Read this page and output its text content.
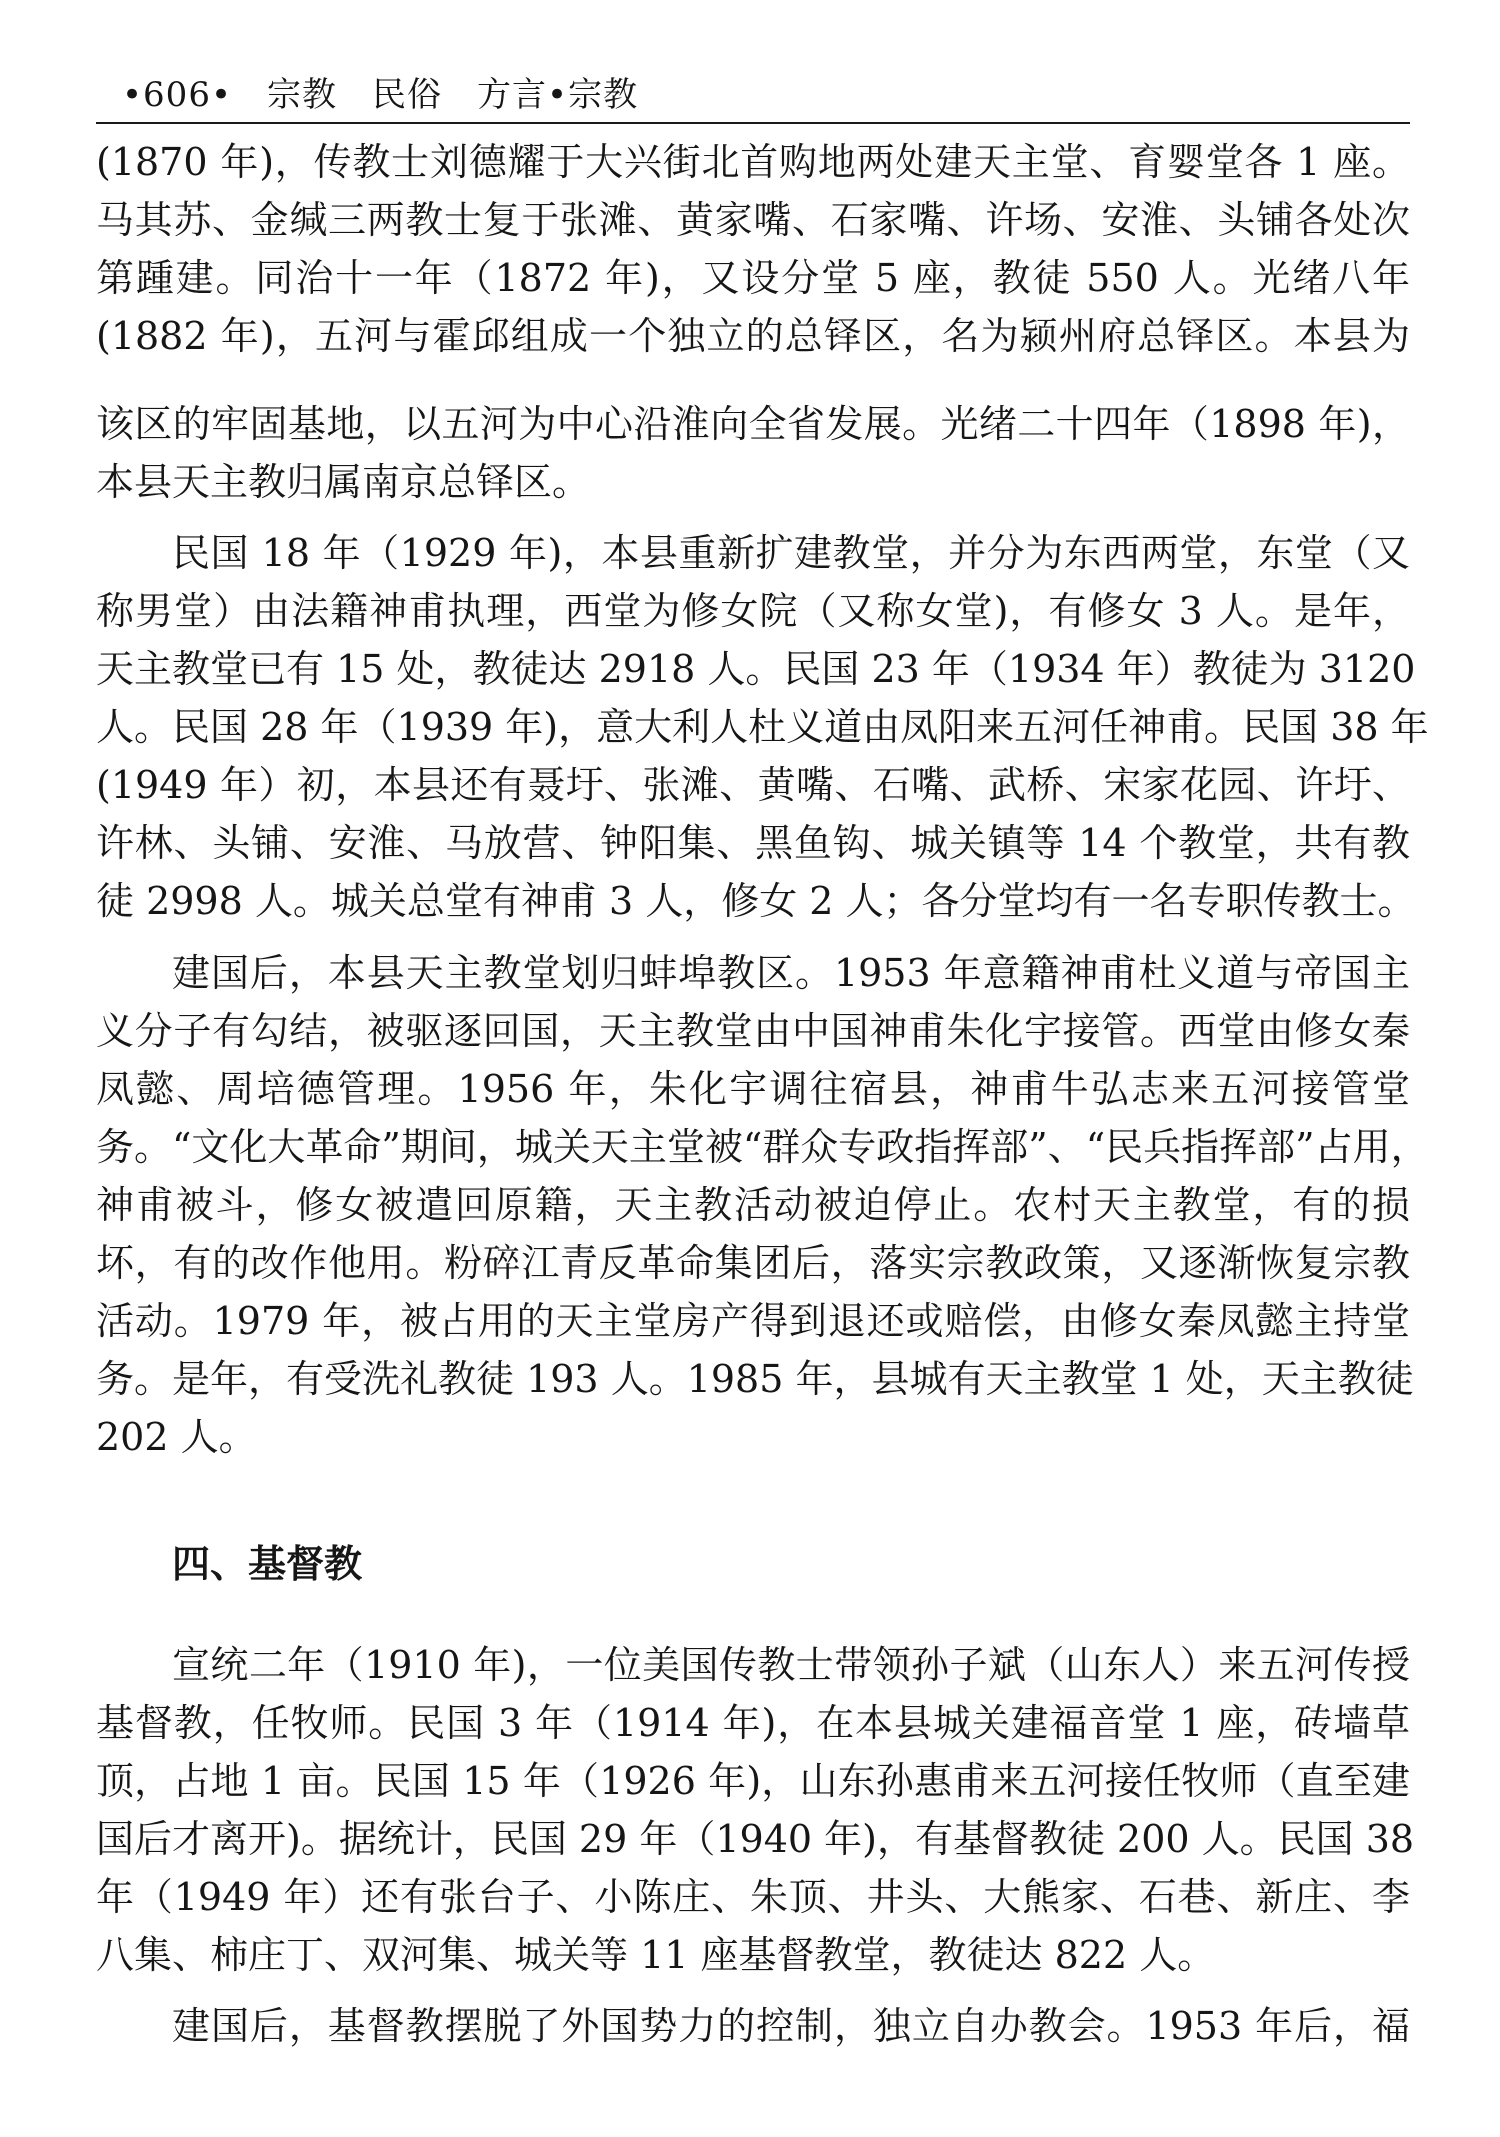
•606•　 宗教　民俗　方言•宗教
(1870 年)，传教士刘德耀于大兴街北首购地两处建天主堂、育婴堂各 1 座。
马其苏、金缄三两教士复于张滩、黄家嘴、石家嘴、许场、安淮、头铺各处次
第踵建。同治十一年（1872 年)，又设分堂 5 座，教徒 550 人。光绪八年
(1882 年)，五河与霍邱组成一个独立的总铎区，名为颍州府总铎区。本县为
该区的牢固基地，以五河为中心沿淮向全省发展。光绪二十四年（1898 年)，
本县天主教归属南京总铎区。
民国 18 年（1929 年)，本县重新扩建教堂，并分为东西两堂，东堂（又
称男堂）由法籍神甫执理，西堂为修女院（又称女堂)，有修女 3 人。是年，
天主教堂已有 15 处，教徒达 2918 人。民国 23 年（1934 年）教徒为 3120
人。民国 28 年（1939 年)，意大利人杜义道由凤阳来五河任神甫。民国 38 年
(1949 年）初，本县还有聂圩、张滩、黄嘴、石嘴、武桥、宋家花园、许圩、
许林、头铺、安淮、马放营、钟阳集、黑鱼钩、城关镇等 14 个教堂，共有教
徒 2998 人。城关总堂有神甫 3 人，修女 2 人；各分堂均有一名专职传教士。
建国后，本县天主教堂划归蚌埠教区。1953 年意籍神甫杜义道与帝国主
义分子有勾结，被驱逐回国，天主教堂由中国神甫朱化宇接管。西堂由修女秦
凤懿、周培德管理。1956 年，朱化宇调往宿县，神甫牛弘志来五河接管堂
务。“文化大革命”期间，城关天主堂被“群众专政指挥部”、“民兵指挥部”占用，
神甫被斗，修女被遣回原籍，天主教活动被迫停止。农村天主教堂，有的损
坏，有的改作他用。粉碎江青反革命集团后，落实宗教政策，又逐渐恢复宗教
活动。1979 年，被占用的天主堂房产得到退还或赔偿，由修女秦凤懿主持堂
务。是年，有受洗礼教徒 193 人。1985 年，县城有天主教堂 1 处，天主教徒
202 人。
四、基督教
宣统二年（1910 年)，一位美国传教士带领孙子斌（山东人）来五河传授
基督教，任牧师。民国 3 年（1914 年)，在本县城关建福音堂 1 座，砖墙草
顶，占地 1 亩。民国 15 年（1926 年)，山东孙惠甫来五河接任牧师（直至建
国后才离开)。据统计，民国 29 年（1940 年)，有基督教徒 200 人。民国 38
年（1949 年）还有张台子、小陈庄、朱顶、井头、大熊家、石巷、新庄、李
八集、柿庄丁、双河集、城关等 11 座基督教堂，教徒达 822 人。
建国后，基督教摆脱了外国势力的控制，独立自办教会。1953 年后，福
